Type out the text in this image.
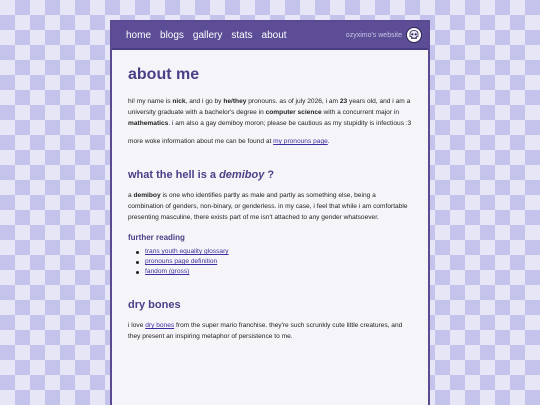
home blogs gallery stats about	ozyximo's website
about me

hi! my name is nick, and i go by he/they pronouns. as of july 2026, i am 23 years old, and i am a university graduate with a bachelor's degree in computer science with a concurrent major in mathematics. i am also a gay demiboy moron; please be cautious as my stupidity is infectious :3

more woke information about me can be found at my pronouns page.

what the hell is a demiboy ?

a demiboy is one who identifies partly as male and partly as something else, being a combination of genders, non-binary, or genderless. in my case, i feel that while i am comfortable presenting masculine, there exists part of me isn't attached to any gender whatsoever.

further reading
trans youth equality glossary
pronouns page definition
fandom (gross)
dry bones

i love dry bones from the super mario franchise. they're such scrunkly cute little creatures, and they present an inspiring metaphor of persistence to me.
